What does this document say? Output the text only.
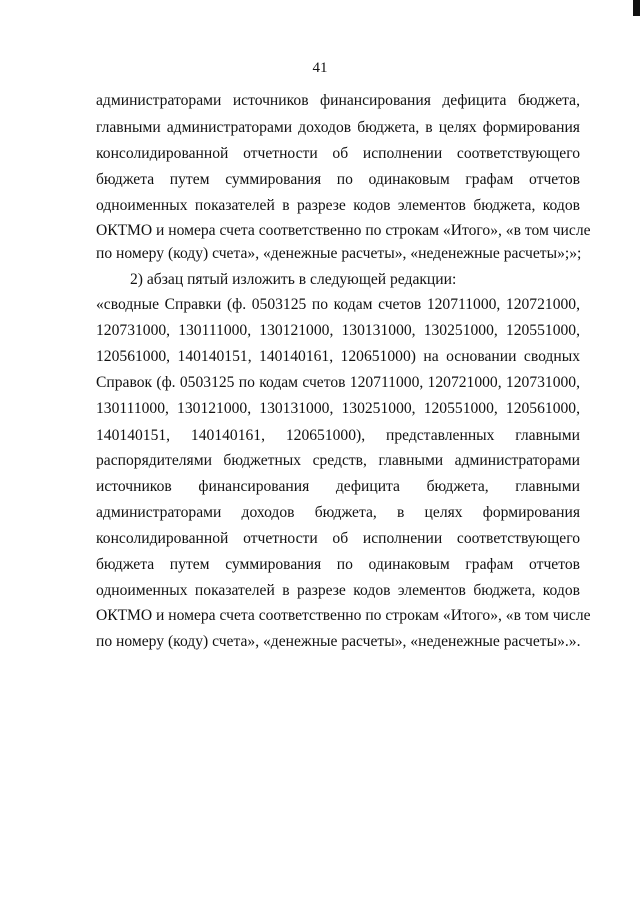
41
администраторами источников финансирования дефицита бюджета,
главными администраторами доходов бюджета, в целях формирования
консолидированной отчетности об исполнении соответствующего
бюджета путем суммирования по одинаковым графам отчетов
одноименных показателей в разрезе кодов элементов бюджета, кодов
ОКТМО и номера счета соответственно по строкам «Итого», «в том числе
по номеру (коду) счета», «денежные расчеты», «неденежные расчеты»;»;
2) абзац пятый изложить в следующей редакции:
«сводные Справки (ф. 0503125 по кодам счетов 120711000, 120721000,
120731000, 130111000, 130121000, 130131000, 130251000, 120551000,
120561000, 140140151, 140140161, 120651000) на основании сводных
Справок (ф. 0503125 по кодам счетов 120711000, 120721000, 120731000,
130111000, 130121000, 130131000, 130251000, 120551000, 120561000,
140140151, 140140161, 120651000), представленных главными
распорядителями бюджетных средств, главными администраторами
источников финансирования дефицита бюджета, главными
администраторами доходов бюджета, в целях формирования
консолидированной отчетности об исполнении соответствующего
бюджета путем суммирования по одинаковым графам отчетов
одноименных показателей в разрезе кодов элементов бюджета, кодов
ОКТМО и номера счета соответственно по строкам «Итого», «в том числе
по номеру (коду) счета», «денежные расчеты», «неденежные расчеты».».
